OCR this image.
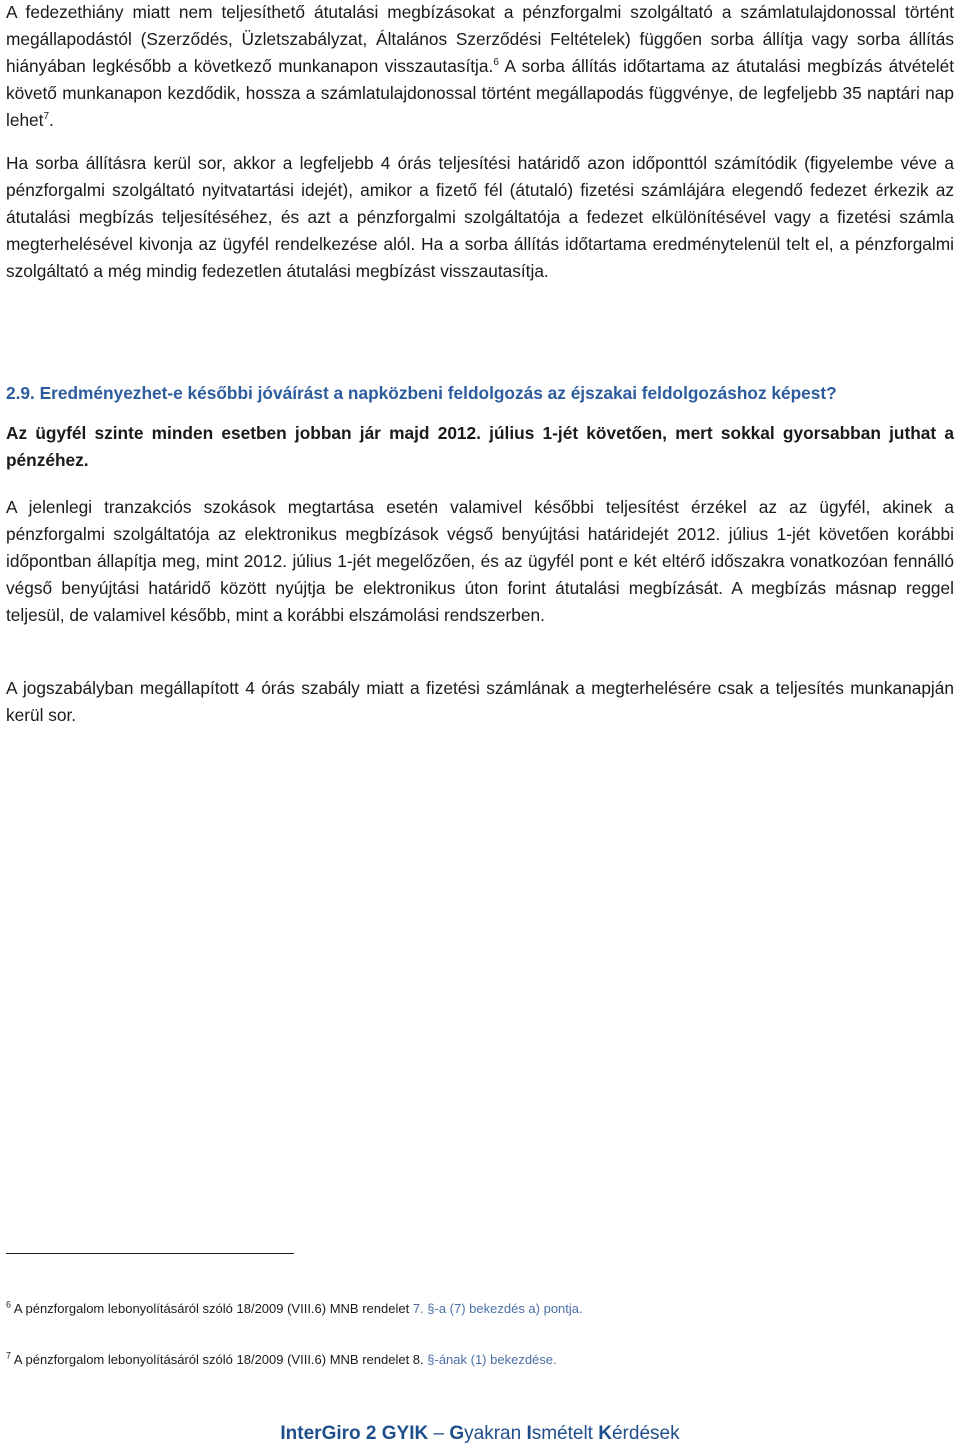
A fedezethiány miatt nem teljesíthető átutalási megbízásokat a pénzforgalmi szolgáltató a számlatulajdonossal történt megállapodástól (Szerződés, Üzletszabályzat, Általános Szerződési Feltételek) függően sorba állítja vagy sorba állítás hiányában legkésőbb a következő munkanapon visszautasítja.$^6$ A sorba állítás időtartama az átutalási megbízás átvételét követő munkanapon kezdődik, hossza a számlatulajdonossal történt megállapodás függvénye, de legfeljebb 35 naptári nap lehet$^7$.

Ha sorba állításra kerül sor, akkor a legfeljebb 4 órás teljesítési határidő azon időponttól számítódik (figyelembe véve a pénzforgalmi szolgáltató nyitvatartási idejét), amikor a fizető fél (átutaló) fizetési számlájára elegendő fedezet érkezik az átutalási megbízás teljesítéséhez, és azt a pénzforgalmi szolgáltatója a fedezet elkülönítésével vagy a fizetési számla megterhelésével kivonja az ügyfél rendelkezése alól. Ha a sorba állítás időtartama eredménytelenül telt el, a pénzforgalmi szolgáltató a még mindig fedezetlen átutalási megbízást visszautasítja.

2.9. Eredményezhet-e későbbi jóváírást a napközbeni feldolgozás az éjszakai feldolgozáshoz képest?

Az ügyfél szinte minden esetben jobban jár majd 2012. július 1-jét követően, mert sokkal gyorsabban juthat a pénzéhez.

A jelenlegi tranzakciós szokások megtartása esetén valamivel későbbi teljesítést érzékel az az ügyfél, akinek a pénzforgalmi szolgáltatója az elektronikus megbízások végső benyújtási határidejét 2012. július 1-jét követően korábbi időpontban állapítja meg, mint 2012. július 1-jét megelőzően, és az ügyfél pont e két eltérő időszakra vonatkozóan fennálló végső benyújtási határidő között nyújtja be elektronikus úton forint átutalási megbízását. A megbízás másnap reggel teljesül, de valamivel később, mint a korábbi elszámolási rendszerben.

A jogszabályban megállapított 4 órás szabály miatt a fizetési számlának a megterhelésére csak a teljesítés munkanapján kerül sor.

$^6$ A pénzforgalom lebonyolításáról szóló 18/2009 (VIII.6) MNB rendelet 7. §-a (7) bekezdés a) pontja.
$^7$ A pénzforgalom lebonyolításáról szóló 18/2009 (VIII.6) MNB rendelet 8. §-ának (1) bekezdése.
InterGiro 2 GYIK – Gyakran Ismételt Kérdések
